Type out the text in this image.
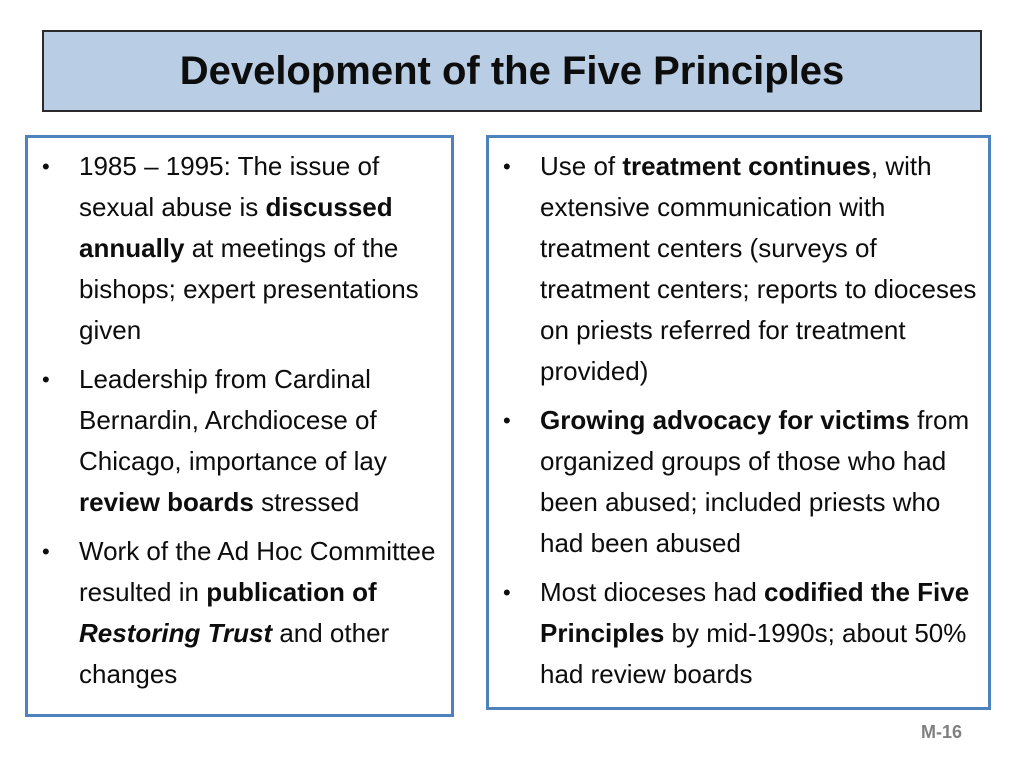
Development of the Five Principles
• 1985 – 1995: The issue of sexual abuse is discussed annually at meetings of the bishops; expert presentations given
• Leadership from Cardinal Bernardin, Archdiocese of Chicago, importance of lay review boards stressed
• Work of the Ad Hoc Committee resulted in publication of Restoring Trust and other changes
• Use of treatment continues, with extensive communication with treatment centers (surveys of treatment centers; reports to dioceses on priests referred for treatment provided)
• Growing advocacy for victims from organized groups of those who had been abused; included priests who had been abused
• Most dioceses had codified the Five Principles by mid-1990s; about 50% had review boards
M-16
